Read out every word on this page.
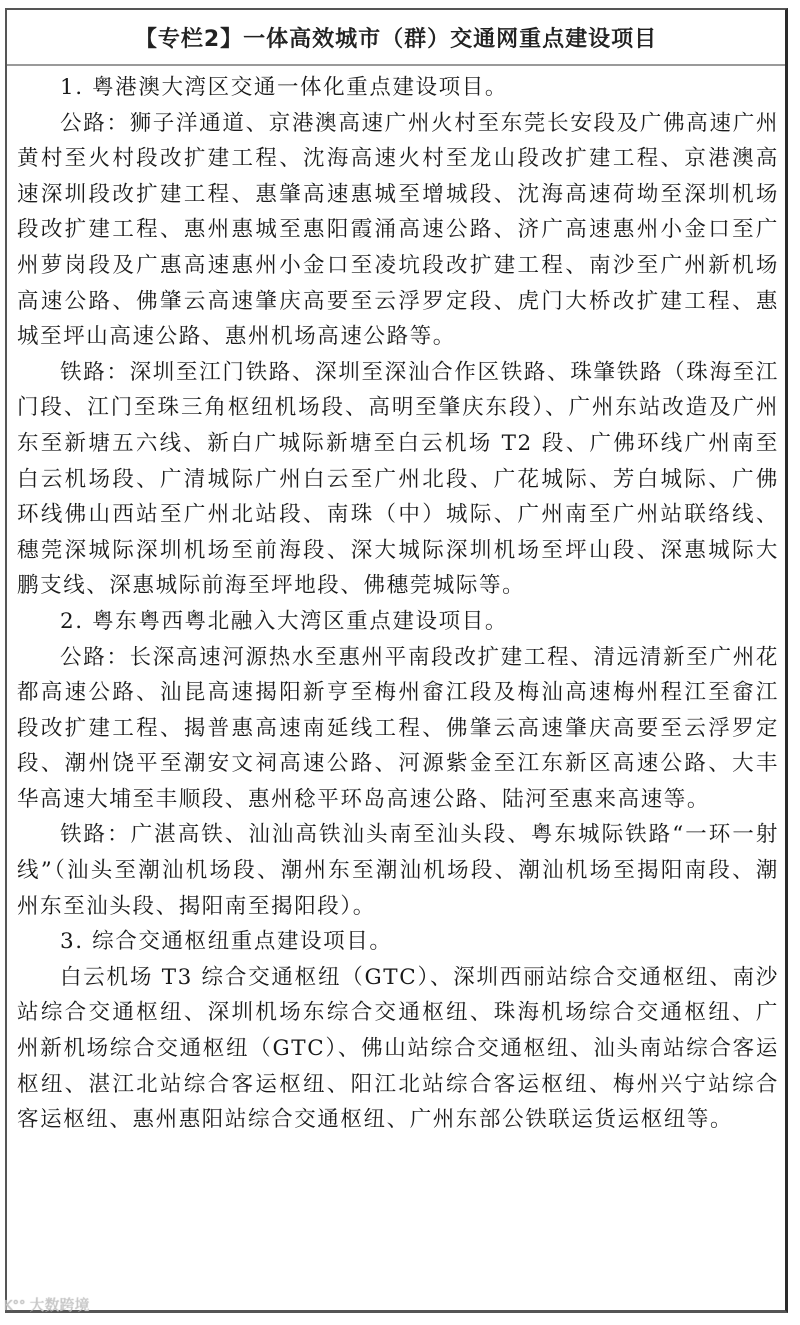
【专栏2】一体高效城市（群）交通网重点建设项目

1. 粤港澳大湾区交通一体化重点建设项目。

公路：狮子洋通道、京港澳高速广州火村至东莞长安段及广佛高速广州黄村至火村段改扩建工程、沈海高速火村至龙山段改扩建工程、京港澳高速深圳段改扩建工程、惠肇高速惠城至增城段、沈海高速荷坳至深圳机场段改扩建工程、惠州惠城至惠阳霞涌高速公路、济广高速惠州小金口至广州萝岗段及广惠高速惠州小金口至凌坑段改扩建工程、南沙至广州新机场高速公路、佛肇云高速肇庆高要至云浮罗定段、虎门大桥改扩建工程、惠城至坪山高速公路、惠州机场高速公路等。

铁路：深圳至江门铁路、深圳至深汕合作区铁路、珠肇铁路（珠海至江门段、江门至珠三角枢纽机场段、高明至肇庆东段）、广州东站改造及广州东至新塘五六线、新白广城际新塘至白云机场 T2 段、广佛环线广州南至白云机场段、广清城际广州白云至广州北段、广花城际、芳白城际、广佛环线佛山西站至广州北站段、南珠（中）城际、广州南至广州站联络线、穗莞深城际深圳机场至前海段、深大城际深圳机场至坪山段、深惠城际大鹏支线、深惠城际前海至坪地段、佛穗莞城际等。

2. 粤东粤西粤北融入大湾区重点建设项目。

公路：长深高速河源热水至惠州平南段改扩建工程、清远清新至广州花都高速公路、汕昆高速揭阳新亨至梅州畲江段及梅汕高速梅州程江至畲江段改扩建工程、揭普惠高速南延线工程、佛肇云高速肇庆高要至云浮罗定段、潮州饶平至潮安文祠高速公路、河源紫金至江东新区高速公路、大丰华高速大埔至丰顺段、惠州稔平环岛高速公路、陆河至惠来高速等。

铁路：广湛高铁、汕汕高铁汕头南至汕头段、粤东城际铁路“一环一射线”（汕头至潮汕机场段、潮州东至潮汕机场段、潮汕机场至揭阳南段、潮州东至汕头段、揭阳南至揭阳段）。

3. 综合交通枢纽重点建设项目。

白云机场 T3 综合交通枢纽（GTC）、深圳西丽站综合交通枢纽、南沙站综合交通枢纽、深圳机场东综合交通枢纽、珠海机场综合交通枢纽、广州新机场综合交通枢纽（GTC）、佛山站综合交通枢纽、汕头南站综合客运枢纽、湛江北站综合客运枢纽、阳江北站综合客运枢纽、梅州兴宁站综合客运枢纽、惠州惠阳站综合交通枢纽、广州东部公铁联运货运枢纽等。

K°° 大数跨境
